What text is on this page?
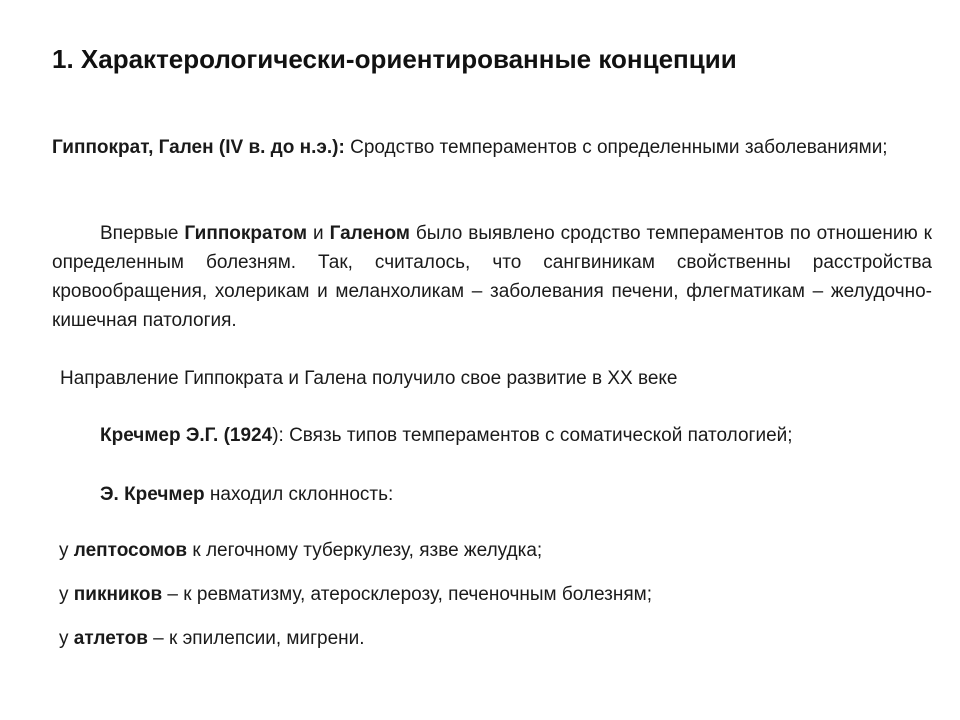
1. Характерологически-ориентированные концепции

Гиппократ, Гален (IV в. до н.э.): Сродство темпераментов с определенными заболеваниями;

Впервые Гиппократом и Галеном было выявлено сродство темпераментов по отношению к определенным болезням. Так, считалось, что сангвиникам свойственны расстройства кровообращения, холерикам и меланхоликам – заболевания печени, флегматикам – желудочно-кишечная патология.

Направление Гиппократа и Галена получило свое развитие в XX веке

Кречмер Э.Г. (1924): Связь типов темпераментов с соматической патологией;

Э. Кречмер находил склонность:

у лептосомов к легочному туберкулезу, язве желудка;

у пикников – к ревматизму, атеросклерозу, печеночным болезням;

у атлетов – к эпилепсии, мигрени.
